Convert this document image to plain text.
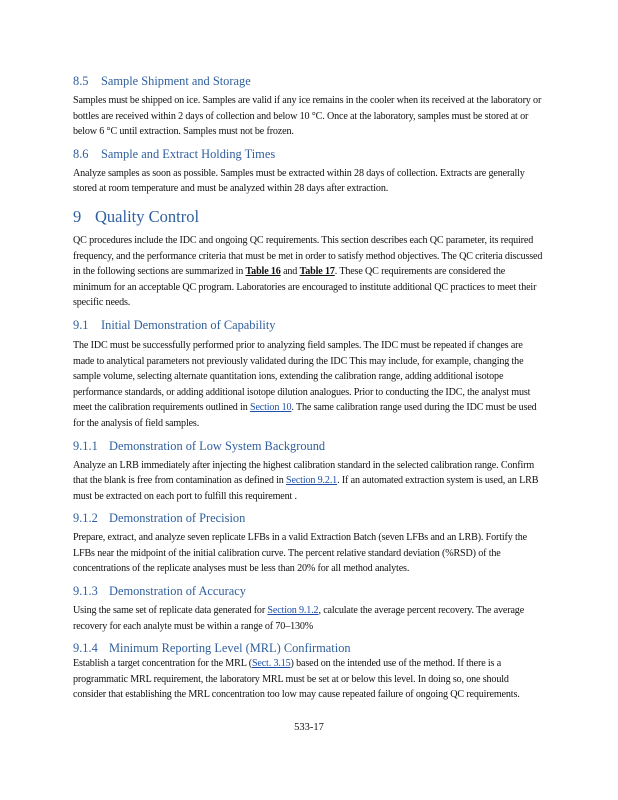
8.5 Sample Shipment and Storage

Samples must be shipped on ice. Samples are valid if any ice remains in the cooler when its received at the laboratory or bottles are received within 2 days of collection and below 10 °C. Once at the laboratory, samples must be stored at or below 6 °C until extraction. Samples must not be frozen.

8.6 Sample and Extract Holding Times

Analyze samples as soon as possible. Samples must be extracted within 28 days of collection. Extracts are generally stored at room temperature and must be analyzed within 28 days after extraction.

9 Quality Control

QC procedures include the IDC and ongoing QC requirements. This section describes each QC parameter, its required frequency, and the performance criteria that must be met in order to satisfy method objectives. The QC criteria discussed in the following sections are summarized in Table 16 and Table 17. These QC requirements are considered the minimum for an acceptable QC program. Laboratories are encouraged to institute additional QC practices to meet their specific needs.

9.1 Initial Demonstration of Capability

The IDC must be successfully performed prior to analyzing field samples. The IDC must be repeated if changes are made to analytical parameters not previously validated during the IDC This may include, for example, changing the sample volume, selecting alternate quantitation ions, extending the calibration range, adding additional isotope performance standards, or adding additional isotope dilution analogues. Prior to conducting the IDC, the analyst must meet the calibration requirements outlined in Section 10. The same calibration range used during the IDC must be used for the analysis of field samples.

9.1.1 Demonstration of Low System Background

Analyze an LRB immediately after injecting the highest calibration standard in the selected calibration range. Confirm that the blank is free from contamination as defined in Section 9.2.1. If an automated extraction system is used, an LRB must be extracted on each port to fulfill this requirement .

9.1.2 Demonstration of Precision

Prepare, extract, and analyze seven replicate LFBs in a valid Extraction Batch (seven LFBs and an LRB). Fortify the LFBs near the midpoint of the initial calibration curve. The percent relative standard deviation (%RSD) of the concentrations of the replicate analyses must be less than 20% for all method analytes.

9.1.3 Demonstration of Accuracy

Using the same set of replicate data generated for Section 9.1.2, calculate the average percent recovery. The average recovery for each analyte must be within a range of 70–130%

9.1.4 Minimum Reporting Level (MRL) Confirmation

Establish a target concentration for the MRL (Sect. 3.15) based on the intended use of the method. If there is a programmatic MRL requirement, the laboratory MRL must be set at or below this level. In doing so, one should consider that establishing the MRL concentration too low may cause repeated failure of ongoing QC requirements.

533-17
